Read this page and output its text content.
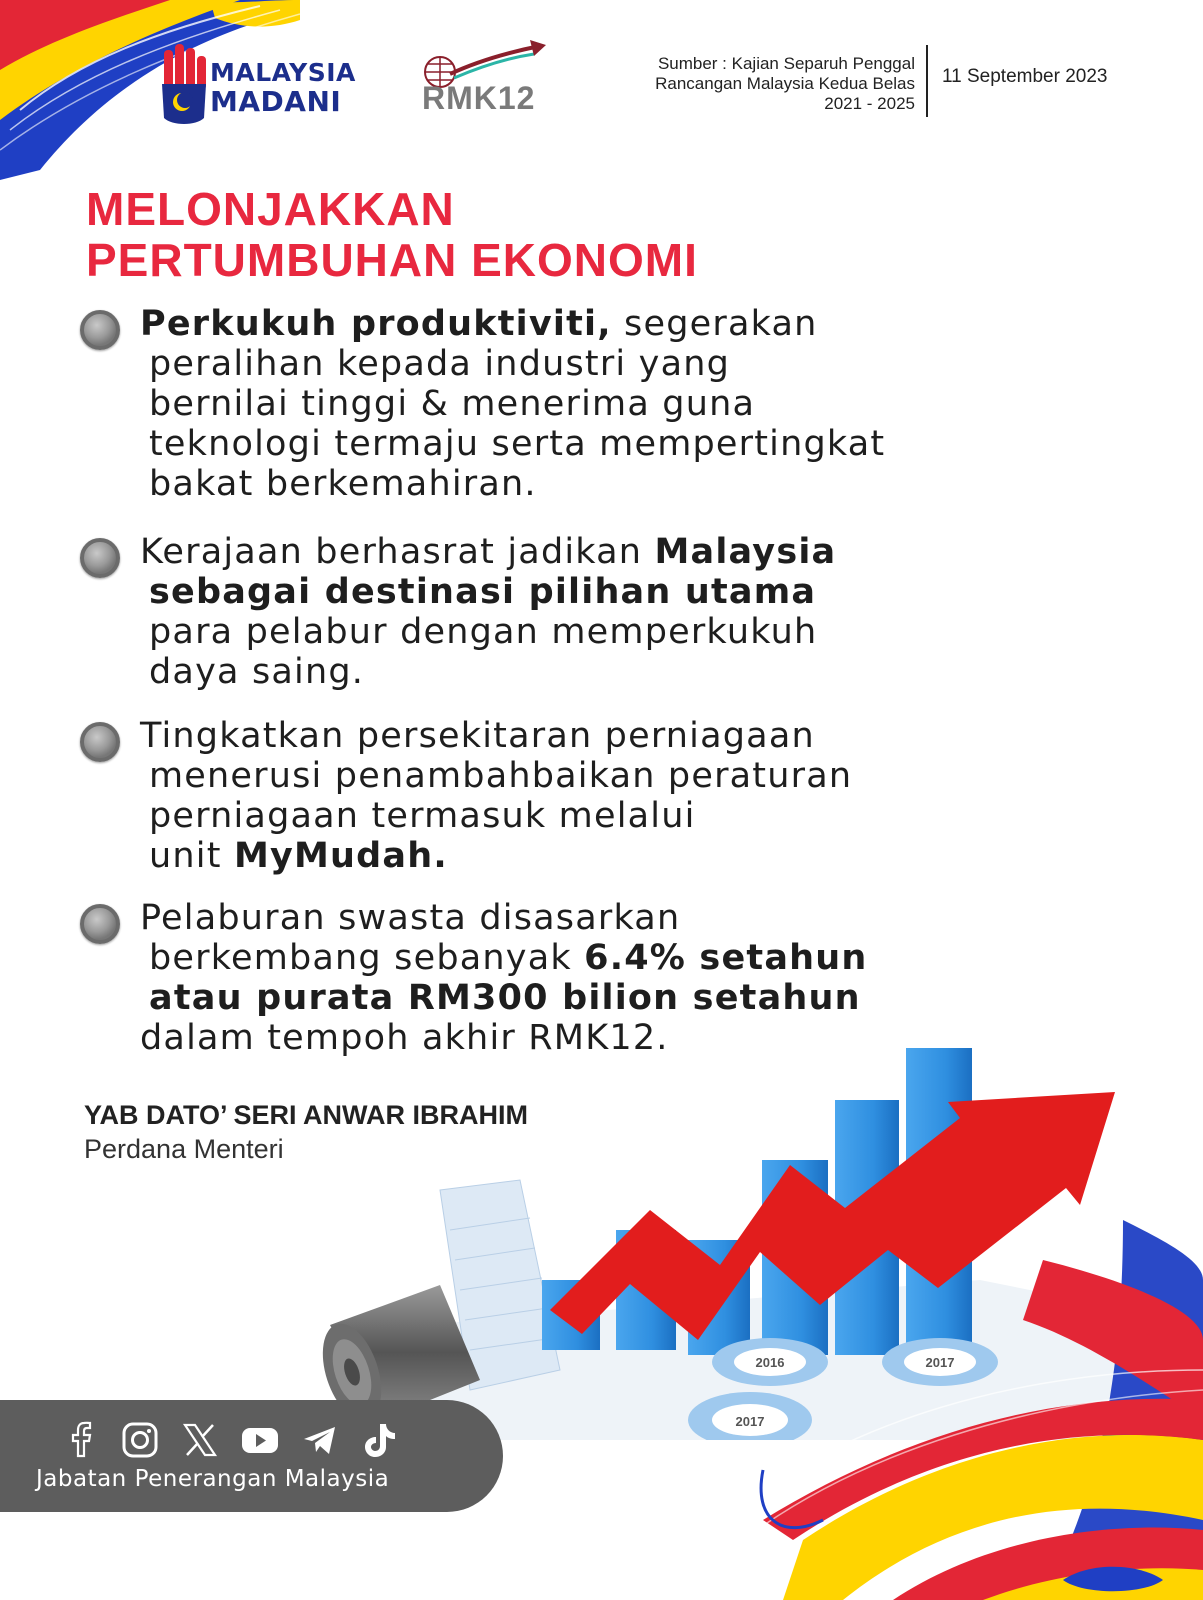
MALAYSIA
MADANI	RMK12
Sumber : Kajian Separuh Penggal
Rancangan Malaysia Kedua Belas
2021 - 2025
11 September 2023
MELONJAKKAN
PERTUMBUHAN EKONOMI
Perkukuh produktiviti, segerakan
peralihan kepada industri yang
bernilai tinggi & menerima guna
teknologi termaju serta mempertingkat
bakat berkemahiran.
Kerajaan berhasrat jadikan Malaysia
sebagai destinasi pilihan utama
para pelabur dengan memperkukuh
daya saing.
Tingkatkan persekitaran perniagaan
menerusi penambahbaikan peraturan
perniagaan termasuk melalui
unit MyMudah.
Pelaburan swasta disasarkan
berkembang sebanyak 6.4% setahun
atau purata RM300 bilion setahun
dalam tempoh akhir RMK12.
YAB DATO’ SERI ANWAR IBRAHIM
Perdana Menteri
2016	2017
2017
Jabatan Penerangan Malaysia
